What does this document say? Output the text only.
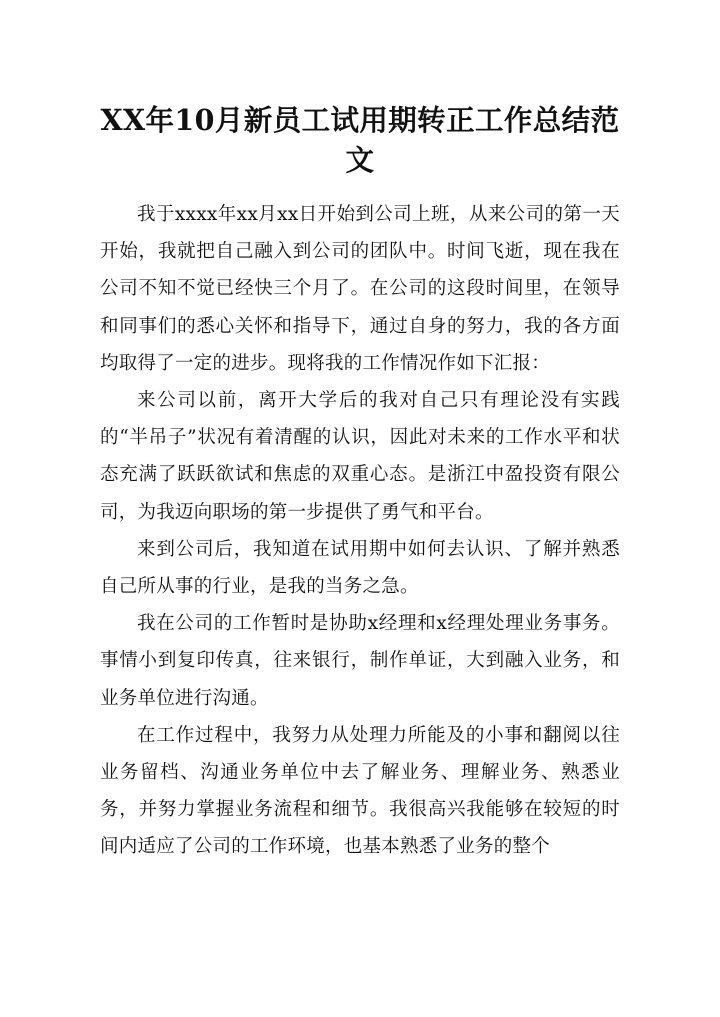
XX年10月新员工试用期转正工作总结范文

我于xxxx年xx月xx日开始到公司上班，从来公司的第一天开始，我就把自己融入到公司的团队中。时间飞逝，现在我在公司不知不觉已经快三个月了。在公司的这段时间里，在领导和同事们的悉心关怀和指导下，通过自身的努力，我的各方面均取得了一定的进步。现将我的工作情况作如下汇报：

来公司以前，离开大学后的我对自己只有理论没有实践的“半吊子”状况有着清醒的认识，因此对未来的工作水平和状态充满了跃跃欲试和焦虑的双重心态。是浙江中盈投资有限公司，为我迈向职场的第一步提供了勇气和平台。

来到公司后，我知道在试用期中如何去认识、了解并熟悉自己所从事的行业，是我的当务之急。

我在公司的工作暂时是协助x经理和x经理处理业务事务。事情小到复印传真，往来银行，制作单证，大到融入业务，和业务单位进行沟通。

在工作过程中，我努力从处理力所能及的小事和翻阅以往业务留档、沟通业务单位中去了解业务、理解业务、熟悉业务，并努力掌握业务流程和细节。我很高兴我能够在较短的时间内适应了公司的工作环境，也基本熟悉了业务的整个
